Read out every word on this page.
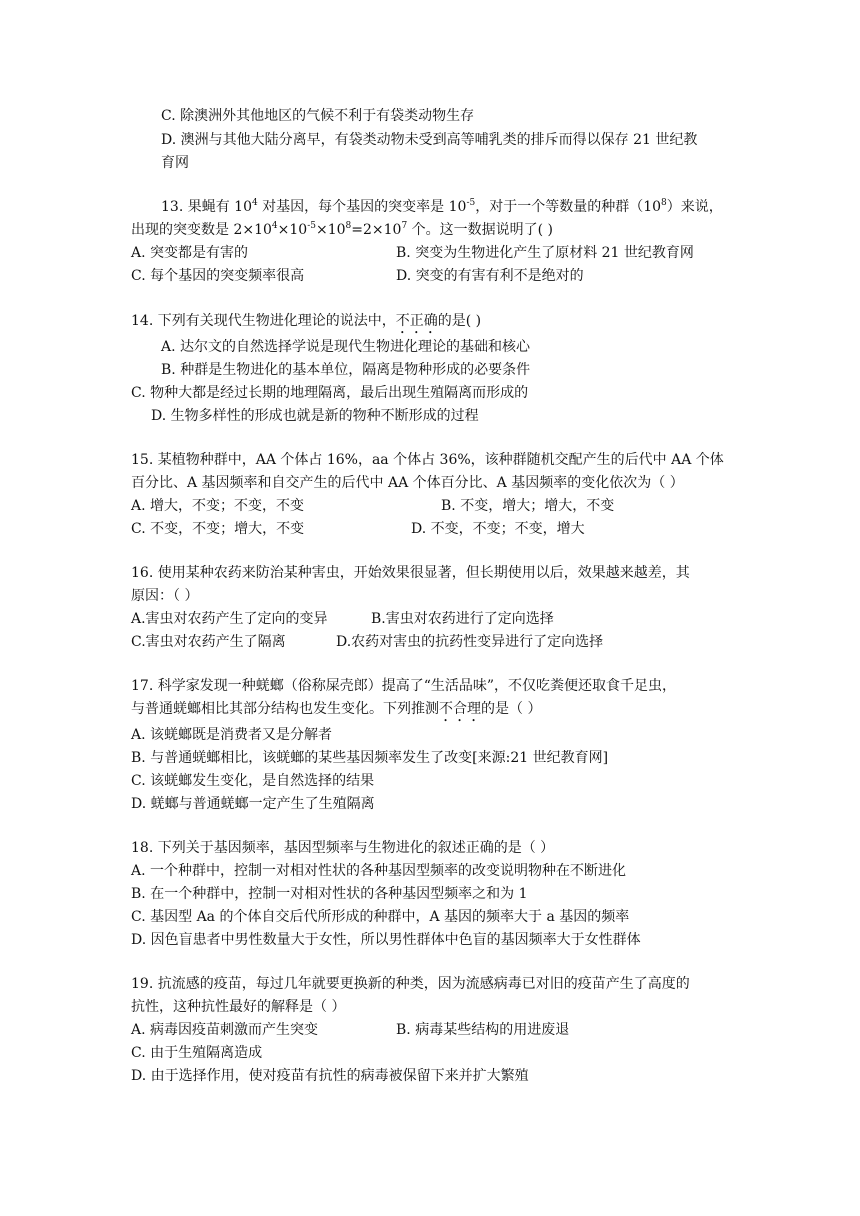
C. 除澳洲外其他地区的气候不利于有袋类动物生存
D. 澳洲与其他大陆分离早，有袋类动物未受到高等哺乳类的排斥而得以保存 21 世纪教
育网
13. 果蝇有 $10^4$ 对基因，每个基因的突变率是 $10^{-5}$，对于一个等数量的种群$(10^8)$来说，
出现的突变数是 $2\times 10^4\times 10^{-5}\times 10^8=2\times 10^7$ 个。这一数据说明了( )
A. 突变都是有害的	B. 突变为生物进化产生了原材料 21 世纪教育网
C. 每个基因的突变频率很高	D. 突变的有害有利不是绝对的
14. 下列有关现代生物进化理论的说法中，不正确的是( )
A. 达尔文的自然选择学说是现代生物进化理论的基础和核心
B. 种群是生物进化的基本单位，隔离是物种形成的必要条件
C. 物种大都是经过长期的地理隔离，最后出现生殖隔离而形成的
D. 生物多样性的形成也就是新的物种不断形成的过程
15. 某植物种群中，AA 个体占 16%，aa 个体占 36%，该种群随机交配产生的后代中 AA 个体
百分比、A 基因频率和自交产生的后代中 AA 个体百分比、A 基因频率的变化依次为（ ）
A. 增大，不变；不变，不变	B. 不变，增大；增大，不变
C. 不变，不变；增大，不变	D. 不变，不变；不变，增大
16. 使用某种农药来防治某种害虫，开始效果很显著，但长期使用以后，效果越来越差，其
原因：（ ）
A.害虫对农药产生了定向的变异	B.害虫对农药进行了定向选择
C.害虫对农药产生了隔离	D.农药对害虫的抗药性变异进行了定向选择
17. 科学家发现一种蜣螂（俗称屎壳郎）提高了“生活品味”，不仅吃粪便还取食千足虫，
与普通蜣螂相比其部分结构也发生变化。下列推测不合理的是（ ）
A. 该蜣螂既是消费者又是分解者
B. 与普通蜣螂相比，该蜣螂的某些基因频率发生了改变[来源:21 世纪教育网]
C. 该蜣螂发生变化，是自然选择的结果
D. 蜣螂与普通蜣螂一定产生了生殖隔离
18. 下列关于基因频率，基因型频率与生物进化的叙述正确的是（ ）
A. 一个种群中，控制一对相对性状的各种基因型频率的改变说明物种在不断进化
B. 在一个种群中，控制一对相对性状的各种基因型频率之和为 1
C. 基因型 Aa 的个体自交后代所形成的种群中，A 基因的频率大于 a 基因的频率
D. 因色盲患者中男性数量大于女性，所以男性群体中色盲的基因频率大于女性群体
19. 抗流感的疫苗，每过几年就要更换新的种类，因为流感病毒已对旧的疫苗产生了高度的
抗性，这种抗性最好的解释是（ ）
A. 病毒因疫苗刺激而产生突变	B. 病毒某些结构的用进废退
C. 由于生殖隔离造成
D. 由于选择作用，使对疫苗有抗性的病毒被保留下来并扩大繁殖
